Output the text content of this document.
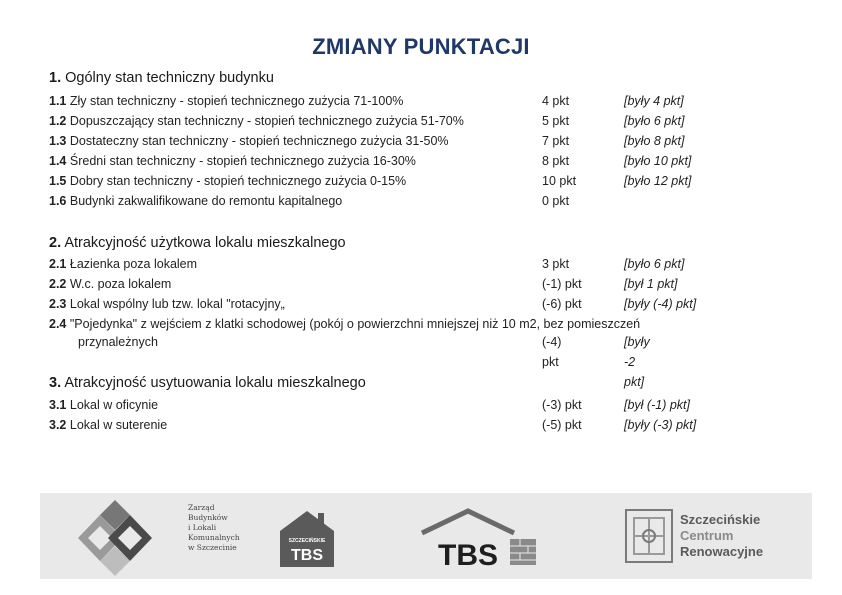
ZMIANY PUNKTACJI
1. Ogólny stan techniczny budynku
1.1 Zły stan techniczny - stopień technicznego zużycia 71-100%	4 pkt	[były 4 pkt]
1.2 Dopuszczający stan techniczny - stopień technicznego zużycia 51-70%	5 pkt	[było 6 pkt]
1.3 Dostateczny stan techniczny - stopień technicznego zużycia 31-50%	7 pkt	[było 8 pkt]
1.4 Średni stan techniczny - stopień technicznego zużycia 16-30%	8 pkt	[było 10 pkt]
1.5 Dobry stan techniczny - stopień technicznego zużycia 0-15%	10 pkt	[było 12 pkt]
1.6 Budynki zakwalifikowane do remontu kapitalnego	0 pkt
2. Atrakcyjność użytkowa lokalu mieszkalnego
2.1 Łazienka poza lokalem	3 pkt	[było 6 pkt]
2.2 W.c. poza lokalem	(-1) pkt	[był 1 pkt]
2.3 Lokal wspólny lub tzw. lokal "rotacyjny„	(-6) pkt	[były (-4) pkt]
2.4 "Pojedynka" z wejściem z klatki schodowej (pokój o powierzchni mniejszej niż 10 m2, bez pomieszczeń
przynależnych	(-4) pkt
[były -2 pkt]
3. Atrakcyjność usytuowania lokalu mieszkalnego
3.1 Lokal w oficynie	(-3) pkt	[był (-1) pkt]
3.2 Lokal w suterenie	(-5) pkt	[były (-3) pkt]
Zarząd
Budynków
i Lokali
Komunalnych
w Szczecinie
SZCZECIŃSKIE
TBS	TBS
Szczecińskie
Centrum
Renowacyjne
